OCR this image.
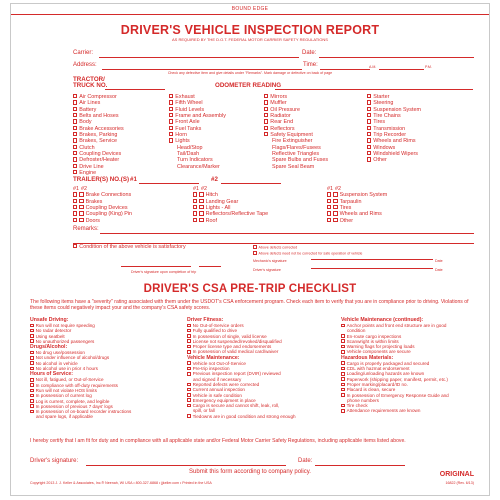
BOUND EDGE
DRIVER'S VEHICLE INSPECTION REPORT
AS REQUIRED BY THE D.O.T. FEDERAL MOTOR CARRIER SAFETY REGULATIONS
Carrier:	Date:
Address:	Time:	A.M.	P.M.
Check any defective item and give details under "Remarks". Mark damage or defective on back of page
TRACTOR/
TRUCK NO.	ODOMETER READING
Air Compressor
Air Lines
Battery
Belts and Hoses
Body
Brake Accessories
Brakes, Parking
Brakes, Service
Clutch
Coupling Devices
Defroster/Heater
Drive Line
Engine
Exhaust
Fifth Wheel
Fluid Levels
Frame and Assembly
Front Axle
Fuel Tanks
Horn
Lights
Head/Stop
Tail/Dash
Turn Indicators
Clearance/Marker
Mirrors
Muffler
Oil Pressure
Radiator
Rear End
Reflectors
Safety Equipment
Fire Extinguisher
Flags/Flares/Fusees
Reflective Triangles
Spare Bulbs and Fuses
Spare Seal Beam
Starter
Steering
Suspension System
Tire Chains
Tires
Transmission
Trip Recorder
Wheels and Rims
Windows
Windshield Wipers
Other
TRAILER(S) NO.(S) #1	#2
#1 #2
Brake Connections
Brakes
Coupling Devices
Coupling (King) Pin
Doors
#1 #2
Hitch
Landing Gear
Lights - All
Reflectors/Reflective Tape
Roof
#1 #2
Suspension System
Tarpaulin
Tires
Wheels and Rims
Other
Remarks:
Condition of the above vehicle is satisfactory	Above defects corrected
Above defects need not be corrected for safe operation of vehicle
Mechanic's signature	Date
Driver's signature	Date
Driver's signature upon completion of trip
DRIVER'S CSA PRE-TRIP CHECKLIST
The following items have a "severity" rating associated with them under the USDOT's CSA enforcement program. Check each item to verify that you are in compliance prior to driving. Violations of these items could negatively impact your and the company's CSA safety scores.
Unsafe Driving:
Run will not require speeding
No radar detector
Using seatbelt
No unauthorized passengers
Drugs/Alcohol:
No drug use/possession
Not under influence of alcohol/drugs
No alcohol in vehicle
No alcohol use in prior 4 hours
Hours of Service:
Not ill, fatigued, or Out-of-Service
In compliance with off-duty requirements
Run will not violate HOS limits
In possession of current log
Log is current, complete, and legible
In possession of previous 7 days' logs
In possession of on-board recorder instructions
and spare logs, if applicable
Driver Fitness:
No Out-of-Service orders
Fully qualified to drive
In possession of single, valid license
License not suspended/revoked/disqualified
Proper license type and endorsements
In possession of valid medical card/waiver
Vehicle Maintenance:
Vehicle not Out-of-Service
Pre-trip inspection
Previous inspection report (DVIR) reviewed
and signed if necessary
Reported defects were corrected
Current annual inspection
Vehicle in safe condition
Emergency equipment in place
Cargo is secure and cannot shift, leak, roll,
spill, or fall
Tiedowns are in good condition and strong enough
Vehicle Maintenance (continued):
Anchor points and front end structure are in good
condition
En-route cargo inspections
Scanwright is within limits
Warning flags for projecting loads
Vehicle components are secure
Hazardous Materials:
Cargo is properly packaged and secured
CDL with hazmat endorsement
Loading/unloading hazards are known
Paperwork (shipping paper, manifest, permit, etc.)
Proper marking/placard/ID no.
Placard is clean, secure
In possession of Emergency Response Guide and
phone numbers
Tire check
Attendance requirements are known
I hereby certify that I am fit for duty and in compliance with all applicable state and/or Federal Motor Carrier Safety Regulations, including applicable items listed above.
Driver's signature:	Date:
Submit this form according to company policy.	ORIGINAL
16822 (Rev. 6/13)
Copyright 2013 J. J. Keller & Associates, Inc.® Neenah, WI USA • 800-327-6868 • jjkeller.com • Printed in the USA
